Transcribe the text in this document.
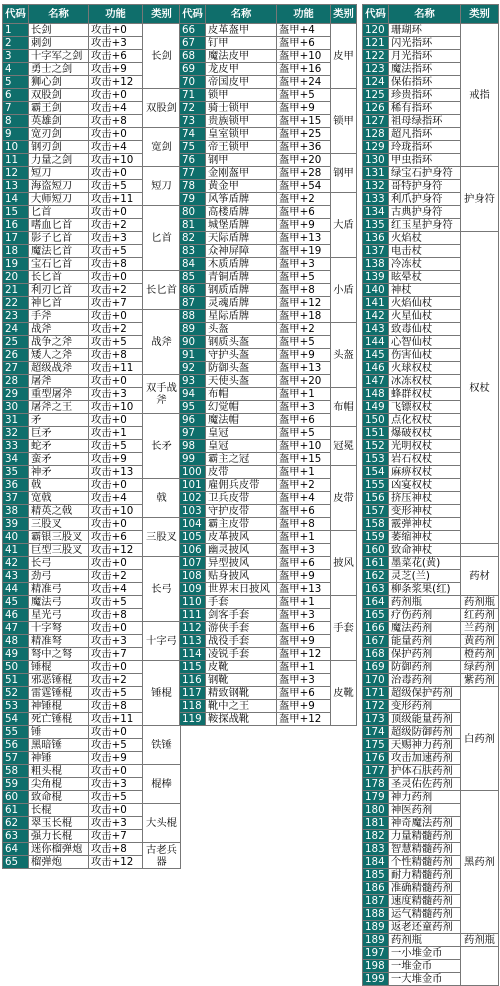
代码	名称	功能	类别
1	长剑	攻击+0	长剑
2	刺剑	攻击+3	
3	十字军之剑	攻击+6	
4	勇士之剑	攻击+9	
5	狮心剑	攻击+12	
6	双股剑	攻击+0	双股剑
7	霸王剑	攻击+4	
8	英雄剑	攻击+8	
9	宽刃剑	攻击+0	宽剑
10	钢刃剑	攻击+4	
11	力量之剑	攻击+10	
12	短刀	攻击+0	短刀
13	海盗短刀	攻击+5	
14	大师短刀	攻击+11	
15	匕首	攻击+0	匕首
16	嗜血匕首	攻击+2	
17	影子匕首	攻击+3	
18	魔法匕首	攻击+5	
19	宝石匕首	攻击+8	
20	长匕首	攻击+0	长匕首
21	利刃匕首	攻击+2	
22	神匕首	攻击+7	
23	手斧	攻击+0	战斧
24	战斧	攻击+2	
25	战争之斧	攻击+5	
26	矮人之斧	攻击+8	
27	超级战斧	攻击+11	
28	屠斧	攻击+0	双手战斧
29	重型屠斧	攻击+3	
30	屠斧之王	攻击+10	
31	矛	攻击+0	长矛
32	巨矛	攻击+1	
33	蛇矛	攻击+5	
34	蛮矛	攻击+9	
35	神矛	攻击+13	
36	戟	攻击+0	戟
37	宽戟	攻击+4	
38	精英之戟	攻击+10	
39	三股叉	攻击+0	三股叉
40	霸银三股叉	攻击+6	
41	巨型三股叉	攻击+12	
42	长弓	攻击+0	长弓
43	劲弓	攻击+2	
44	精准弓	攻击+4	
45	魔法弓	攻击+5	
46	星光弓	攻击+8	
47	十字弩	攻击+0	十字弓
48	精准弩	攻击+3	
49	弩中之弩	攻击+7	
50	锤棍	攻击+0	锤棍
51	邪恶锤棍	攻击+2	
52	雷霆锤棍	攻击+5	
53	神锤棍	攻击+8	
54	死亡锤棍	攻击+11	
55	锤	攻击+0	铁锤
56	黑暗锤	攻击+5	
57	神锤	攻击+9	
58	粗头棍	攻击+0	棍棒
59	尖角棍	攻击+3	
60	致命棍	攻击+5	
61	长棍	攻击+0	大头棍
62	翠玉长棍	攻击+3	
63	强力长棍	攻击+7	
64	迷你榴弹炮	攻击+8	古老兵器
65	榴弹炮	攻击+12	
代码	名称	功能	类别
66	皮革盔甲	盔甲+4	皮甲
67	钉甲	盔甲+6	
68	魔法皮甲	盔甲+10	
69	龙皮甲	盔甲+16	
70	帝国皮甲	盔甲+24	
71	锁甲	盔甲+5	锁甲
72	骑士锁甲	盔甲+9	
73	贵族锁甲	盔甲+15	
74	皇室锁甲	盔甲+25	
75	帝王锁甲	盔甲+36	
76	钢甲	盔甲+20	钢甲
77	金刚盔甲	盔甲+28	
78	黄金甲	盔甲+54	
79	风筝盾牌	盔甲+2	大盾
80	高楼盾牌	盔甲+6	
81	城堡盾牌	盔甲+9	
82	天际盾牌	盔甲+13	
83	众神屏障	盔甲+19	
84	木质盾牌	盔甲+3	小盾
85	青铜盾牌	盔甲+5	
86	钢质盾牌	盔甲+8	
87	灵魂盾牌	盔甲+12	
88	星际盾牌	盔甲+18	
89	头盔	盔甲+2	头盔
90	钢质头盔	盔甲+5	
91	守护头盔	盔甲+9	
92	防御头盔	盔甲+13	
93	天使头盔	盔甲+20	
94	布帽	盔甲+1	布帽
95	幻觉帽	盔甲+3	
96	魔法帽	盔甲+6	
97	皇冠	盔甲+5	冠冕
98	皇冠	盔甲+10	
99	霸主之冠	盔甲+15	
100	皮带	盔甲+1	皮带
101	雇佣兵皮带	盔甲+2	
102	卫兵皮带	盔甲+4	
103	守护皮带	盔甲+6	
104	霸主皮带	盔甲+8	
105	皮革披风	盔甲+1	披风
106	幽灵披风	盔甲+3	
107	异型披风	盔甲+6	
108	贴身披风	盔甲+9	
109	世界末日披风	盔甲+13	
110	手套	盔甲+1	手套
111	剑客手套	盔甲+3	
112	游侠手套	盔甲+6	
113	战役手套	盔甲+9	
114	凌锐手套	盔甲+12	
115	皮靴	盔甲+1	皮靴
116	钢靴	盔甲+3	
117	精致钢靴	盔甲+6	
118	靴中之王	盔甲+9	
119	鞍探战靴	盔甲+12	
代码	名称	类别
120	珊瑚环	戒指
121	闪光指环	
122	月光指环	
123	魔法指环	
124	保佑指环	
125	珍贵指环	
126	稀有指环	
127	祖母绿指环	
128	超凡指环	
129	玲珑指环	
130	甲虫指环	
131	绿宝石护身符	护身符
132	哥特护身符	
133	利爪护身符	
134	古典护身符	
135	红玉星护身符	
136	火焰杖	权杖
137	电击杖	
138	冷冻杖	
139	眩晕杖	
140	神杖	
141	火焰仙杖	
142	火星仙杖	
143	致毒仙杖	
144	心智仙杖	
145	伤害仙杖	
146	火球权杖	
147	冰冻权杖	
148	蜂群权杖	
149	飞镖权杖	
150	点化权杖	
151	爆破权杖	
152	光明权杖	
153	岩石权杖	
154	麻痹权杖	
155	凶宴权杖	
156	挤压神杖	
157	变形神杖	
158	霰弹神杖	
159	萎缩神杖	
160	致命神杖	
161	墨菜花(黄)	药材
162	灵芝(兰)	
163	柳条浆果(红)	
164	药剂瓶	药剂瓶
165	疗伤药剂	红药剂
166	魔法药剂	兰药剂
167	能量药剂	黄药剂
168	保护药剂	橙药剂
169	防御药剂	绿药剂
170	治毒药剂	紫药剂
171	超级保护药剂	白药剂
172	变形药剂	
173	顶级能量药剂	
174	超级防御药剂	
175	天赐神力药剂	
176	攻击加速药剂	
177	护体石肤药剂	
178	圣灵佑佐药剂	
179	神力药剂	黑药剂
180	神医药剂	
181	神奇魔法药剂	
182	力量精髓药剂	
183	智慧精髓药剂	
184	个性精髓药剂	
185	耐力精髓药剂	
186	准确精髓药剂	
187	速度精髓药剂	
188	运气精髓药剂	
189	返老还童药剂	
189	药剂瓶	药剂瓶
197	一小堆金币	
198	一堆金币	
199	一大堆金币	
